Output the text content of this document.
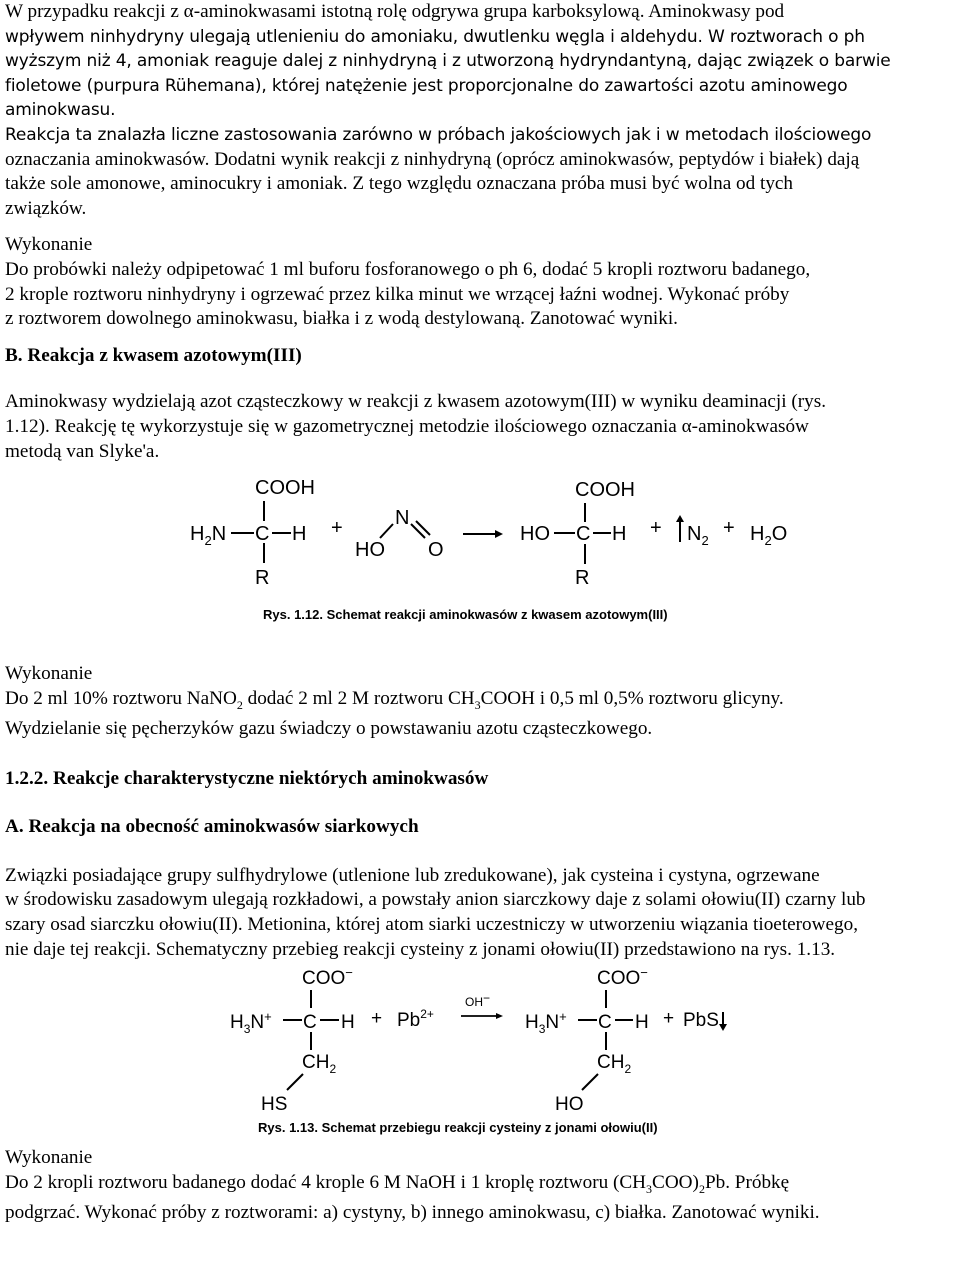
W przypadku reakcji z α-aminokwasami istotną rolę odgrywa grupa karboksylową. Aminokwasy pod

wpływem ninhydryny ulegają utlenieniu do amoniaku, dwutlenku węgla i aldehydu. W roztworach o ph

wyższym niż 4, amoniak reaguje dalej z ninhydryną i z utworzoną hydryndantyną, dając związek o barwie

fioletowe (purpura Rühemana), której natężenie jest proporcjonalne do zawartości azotu aminowego

aminokwasu.

Reakcja ta znalazła liczne zastosowania zarówno w próbach jakościowych jak i w metodach ilościowego

oznaczania aminokwasów. Dodatni wynik reakcji z ninhydryną (oprócz aminokwasów, peptydów i białek) dają

także sole amonowe, aminocukry i amoniak. Z tego względu oznaczana próba musi być wolna od tych

związków.

Wykonanie

Do probówki należy odpipetować 1 ml buforu fosforanowego o ph 6, dodać 5 kropli roztworu badanego,

2 krople roztworu ninhydryny i ogrzewać przez kilka minut we wrzącej łaźni wodnej. Wykonać próby

z roztworem dowolnego aminokwasu, białka i z wodą destylowaną. Zanotować wyniki.

B. Reakcja z kwasem azotowym(III)

Aminokwasy wydzielają azot cząsteczkowy w reakcji z kwasem azotowym(III) w wyniku deaminacji (rys.

1.12). Reakcję tę wykorzystuje się w gazometrycznej metodzie ilościowego oznaczania α-aminokwasów

metodą van Slyke'a.

COOH
$H_2N$ C H
R
+	N
HO O
COOH
HO C H
R
+ $N_2$
+ $H_2O$
Rys. 1.12. Schemat reakcji aminokwasów z kwasem azotowym(III)

Wykonanie

Do 2 ml 10% roztworu NaNO$_2$ dodać 2 ml 2 M roztworu $CH_3COOH$ i 0,5 ml 0,5% roztworu glicyny.

Wydzielanie się pęcherzyków gazu świadczy o powstawaniu azotu cząsteczkowego.

1.2.2. Reakcje charakterystyczne niektórych aminokwasów

A. Reakcja na obecność aminokwasów siarkowych

Związki posiadające grupy sulfhydrylowe (utlenione lub zredukowane), jak cysteina i cystyna, ogrzewane

w środowisku zasadowym ulegają rozkładowi, a powstały anion siarczkowy daje z solami ołowiu(II) czarny lub

szary osad siarczku ołowiu(II). Metionina, której atom siarki uczestniczy w utworzeniu wiązania tioeterowego,

nie daje tej reakcji. Schematyczny przebieg reakcji cysteiny z jonami ołowiu(II) przedstawiono na rys. 1.13.

COO−
$H_3N^+$ C H
$CH_2$
HS
+ $Pb^{2+}$
OH−
COO−
$H_3N^+$ C H
$CH_2$
HO
+ PbS
Rys. 1.13. Schemat przebiegu reakcji cysteiny z jonami ołowiu(II)

Wykonanie

Do 2 kropli roztworu badanego dodać 4 krople 6 M NaOH i 1 kroplę roztworu $(CH_3COO)_2Pb$. Próbkę

podgrzać. Wykonać próby z roztworami: a) cystyny, b) innego aminokwasu, c) białka. Zanotować wyniki.
